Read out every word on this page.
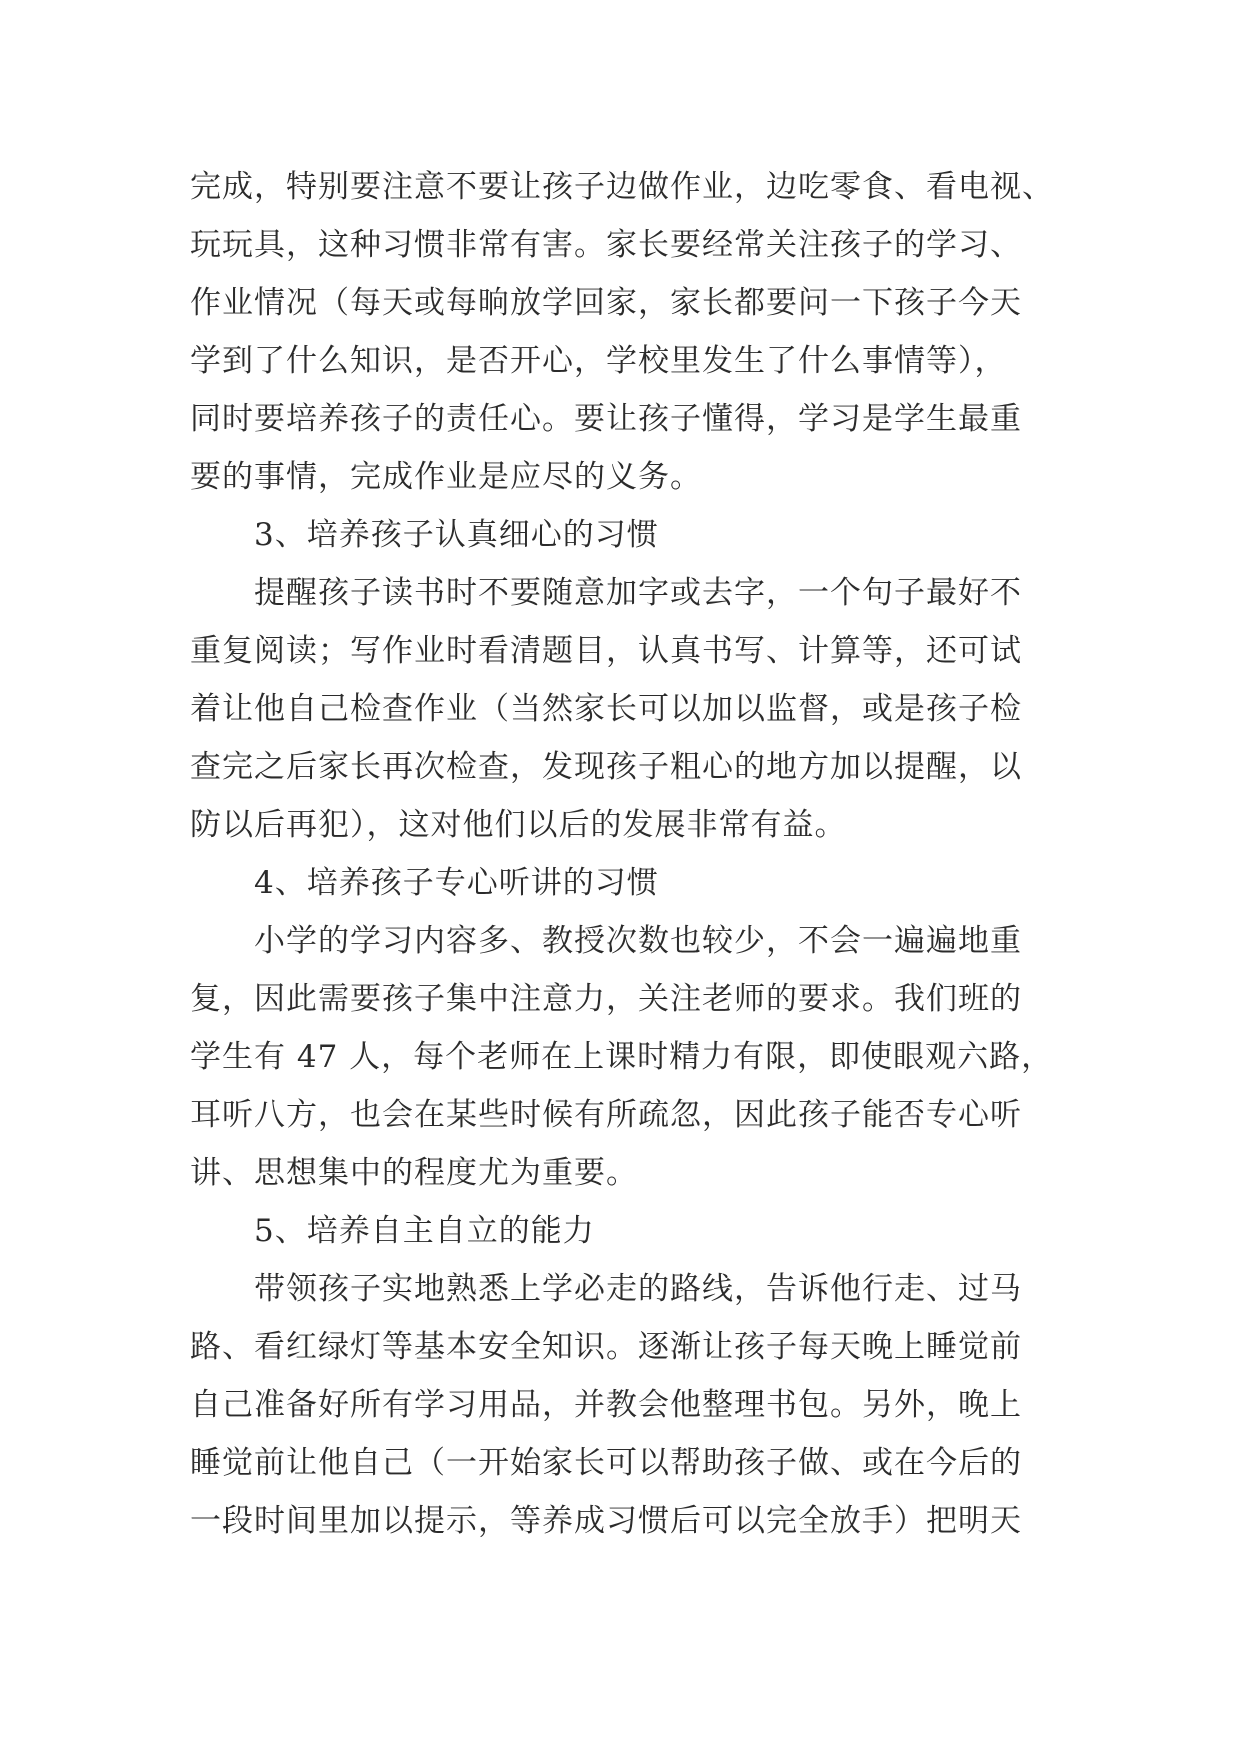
完成，特别要注意不要让孩子边做作业，边吃零食、看电视、
玩玩具，这种习惯非常有害。家长要经常关注孩子的学习、
作业情况（每天或每晌放学回家，家长都要问一下孩子今天
学到了什么知识，是否开心，学校里发生了什么事情等），
同时要培养孩子的责任心。要让孩子懂得，学习是学生最重
要的事情，完成作业是应尽的义务。
3、培养孩子认真细心的习惯
提醒孩子读书时不要随意加字或去字，一个句子最好不
重复阅读；写作业时看清题目，认真书写、计算等，还可试
着让他自己检查作业（当然家长可以加以监督，或是孩子检
查完之后家长再次检查，发现孩子粗心的地方加以提醒，以
防以后再犯），这对他们以后的发展非常有益。
4、培养孩子专心听讲的习惯
小学的学习内容多、教授次数也较少，不会一遍遍地重
复，因此需要孩子集中注意力，关注老师的要求。我们班的
学生有 47 人，每个老师在上课时精力有限，即使眼观六路，
耳听八方，也会在某些时候有所疏忽，因此孩子能否专心听
讲、思想集中的程度尤为重要。
5、培养自主自立的能力
带领孩子实地熟悉上学必走的路线，告诉他行走、过马
路、看红绿灯等基本安全知识。逐渐让孩子每天晚上睡觉前
自己准备好所有学习用品，并教会他整理书包。另外，晚上
睡觉前让他自己（一开始家长可以帮助孩子做、或在今后的
一段时间里加以提示，等养成习惯后可以完全放手）把明天
